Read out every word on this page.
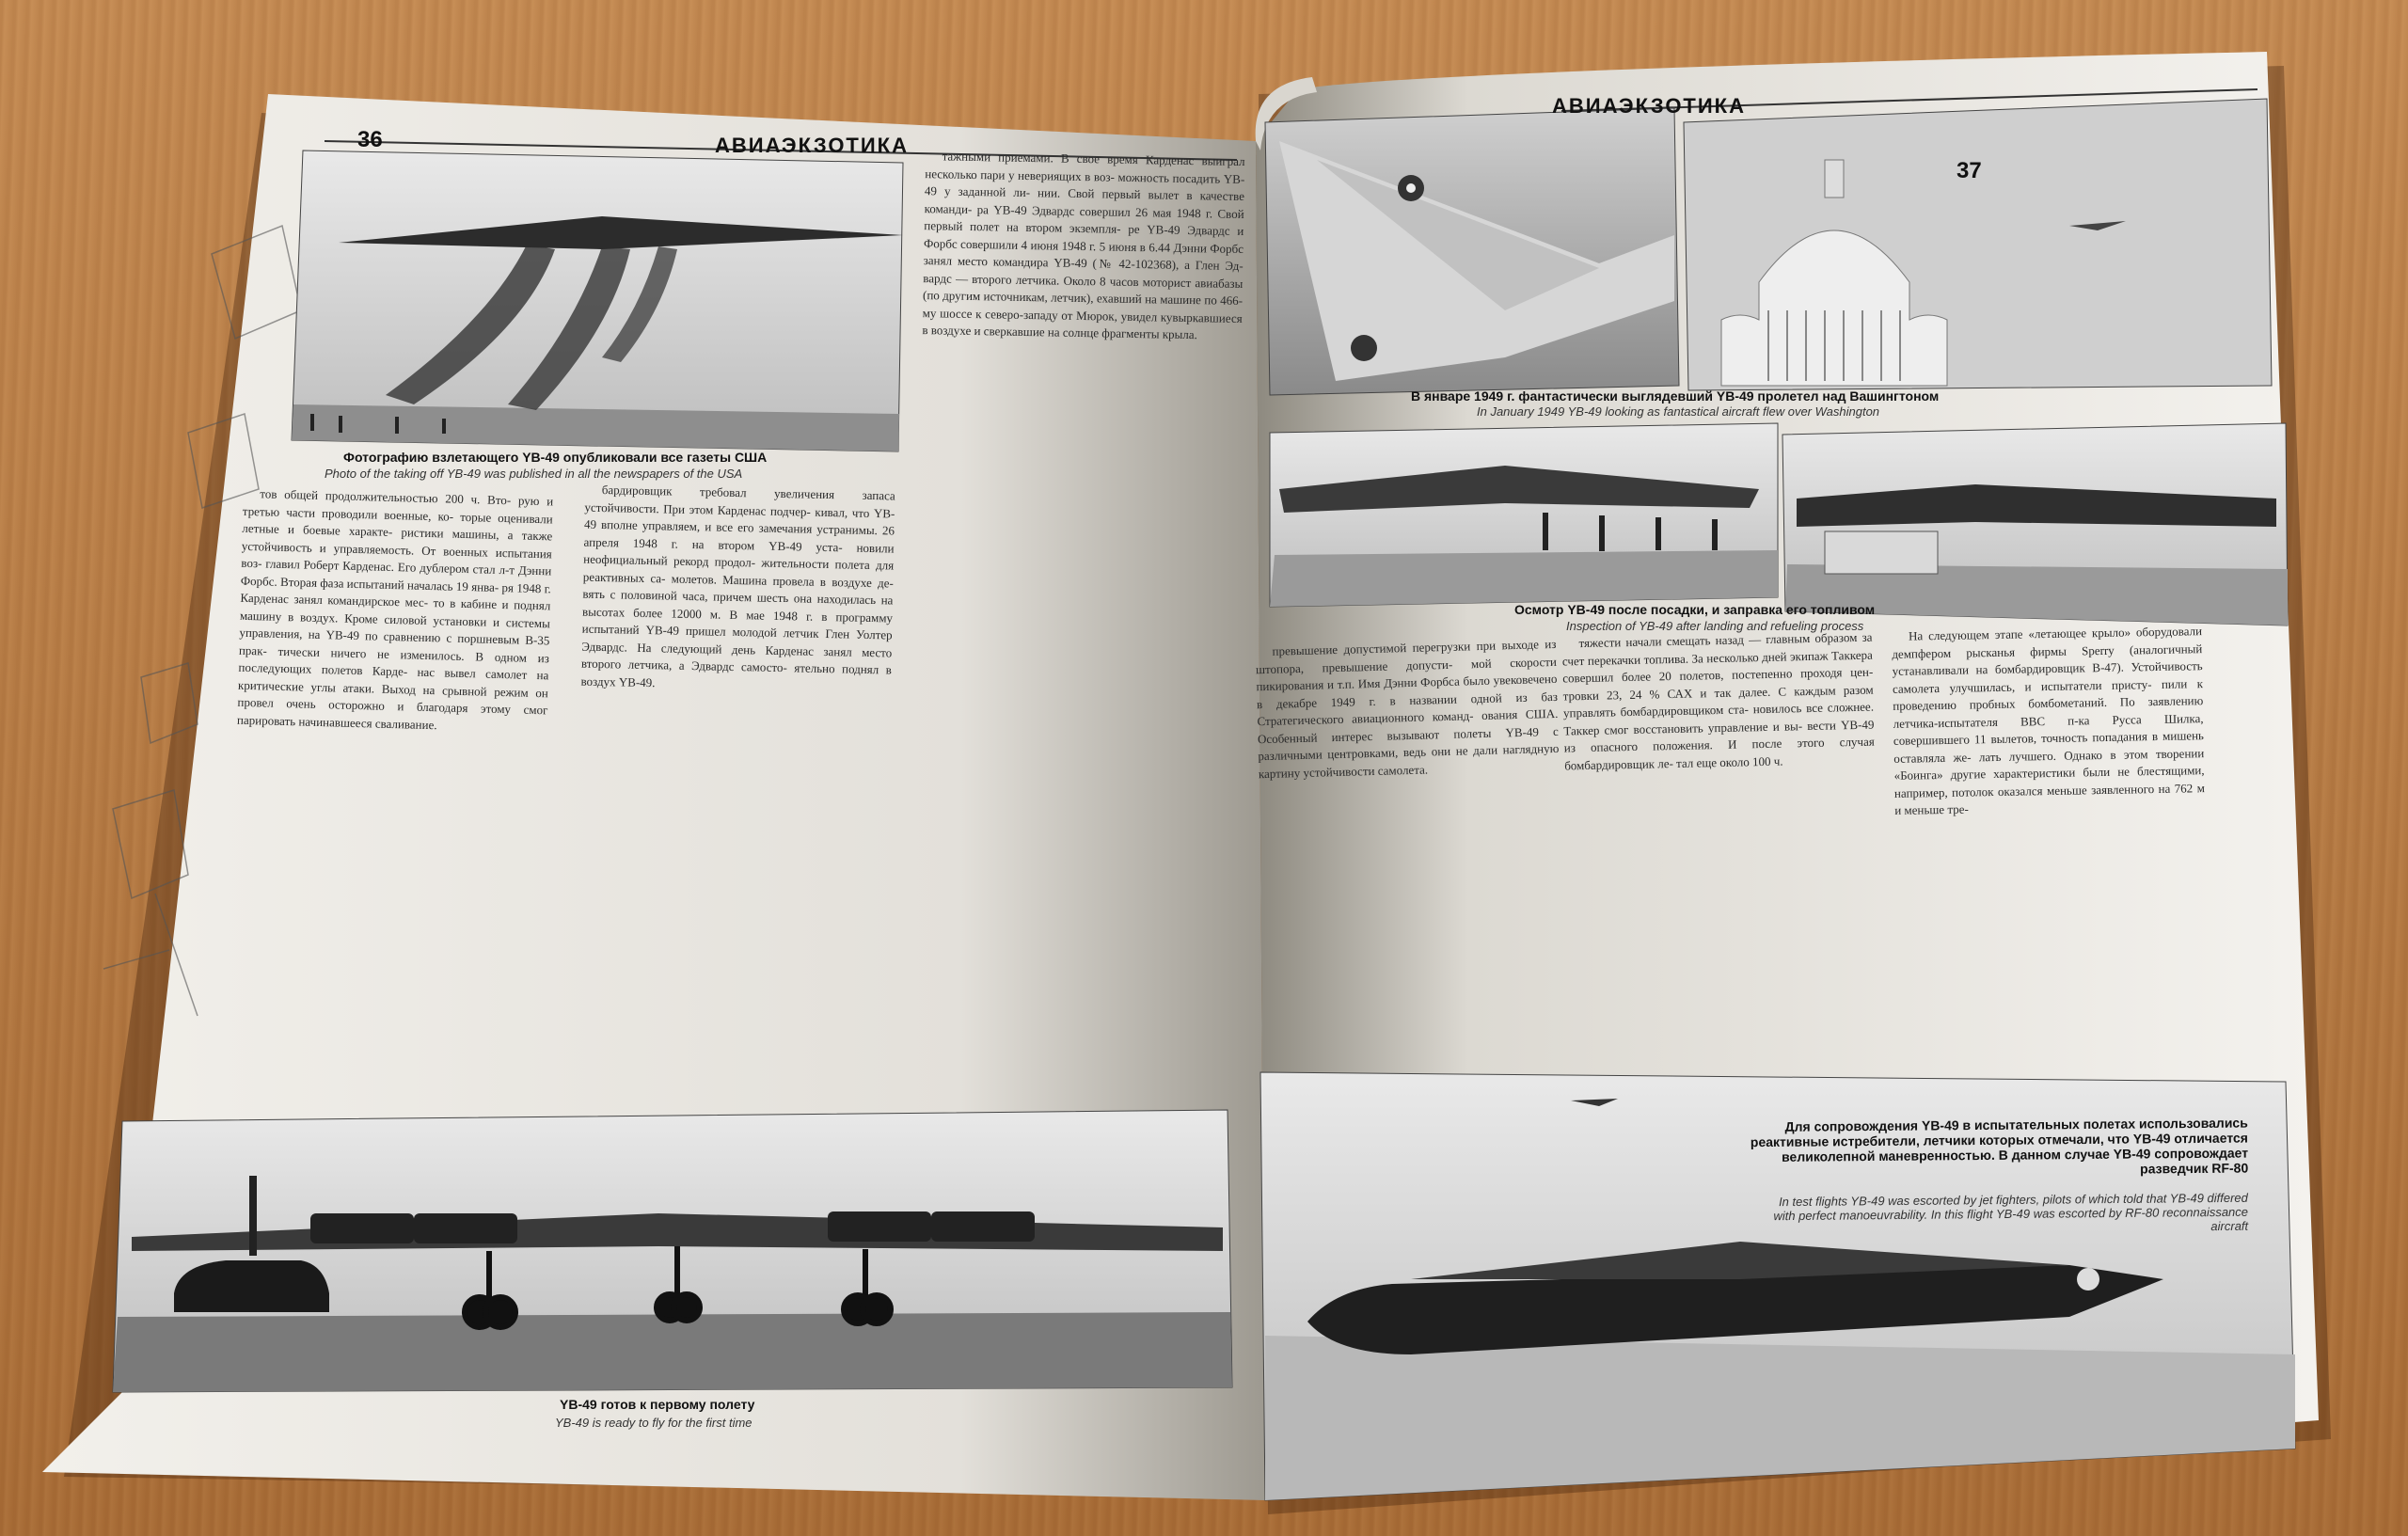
36	АВИАЭКЗОТИКА
Фотографию взлетающего YB-49 опубликовали все газеты США
Photo of the taking off YB-49 was published in all the newspapers of the USA

тов общей продолжительностью 200 ч. Вто- рую и третью части проводили военные, ко- торые оценивали летные и боевые характе- ристики машины, а также устойчивость и управляемость. От военных испытания воз- главил Роберт Карденас. Его дублером стал л-т Дэнни Форбс. Вторая фаза испытаний началась 19 янва- ря 1948 г. Карденас занял командирское мес- то в кабине и поднял машину в воздух. Кроме силовой установки и системы управления, на YB-49 по сравнению с поршневым В-35 прак- тически ничего не изменилось. В одном из последующих полетов Карде- нас вывел самолет на критические углы атаки. Выход на срывной режим он провел очень осторожно и благодаря этому смог парировать начинавшееся сваливание.

бардировщик требовал увеличения запаса устойчивости. При этом Карденас подчер- кивал, что YB-49 вполне управляем, и все его замечания устранимы. 26 апреля 1948 г. на втором YB-49 уста- новили неофициальный рекорд продол- жительности полета для реактивных са- молетов. Машина провела в воздухе де- вять с половиной часа, причем шесть она находилась на высотах более 12000 м. В мае 1948 г. в программу испытаний YB-49 пришел молодой летчик Глен Уолтер Эдвардс. На следующий день Карденас занял место второго летчика, а Эдвардс самосто- ятельно поднял в воздух YB-49.

тажными приемами. В свое время Карденас выиграл несколько пари у невериящих в воз- можность посадить YB-49 у заданной ли- нии. Свой первый вылет в качестве команди- ра YB-49 Эдвардс совершил 26 мая 1948 г. Свой первый полет на втором экземпля- ре YB-49 Эдвардс и Форбс совершили 4 июня 1948 г. 5 июня в 6.44 Дэнни Форбс занял место командира YB-49 (№ 42-102368), а Глен Эд- вардс — второго летчика. Около 8 часов моторист авиабазы (по другим источникам, летчик), ехавший на машине по 466-му шоссе к северо-западу от Мюрок, увидел кувыркавшиеся в воздухе и сверкавшие на солнце фрагменты крыла.

YB-49 готов к первому полету
YB-49 is ready to fly for the first time
АВИАЭКЗОТИКА
37
В январе 1949 г. фантастически выглядевший YB-49 пролетел над Вашингтоном
In January 1949 YB-49 looking as fantastical aircraft flew over Washington
Осмотр YB-49 после посадки, и заправка его топливом
Inspection of YB-49 after landing and refueling process

превышение допустимой перегрузки при выходе из штопора, превышение допусти- мой скорости пикирования и т.п. Имя Дэнни Форбса было увековечено в декабре 1949 г. в названии одной из баз Стратегического авиационного команд- ования США. Особенный интерес вызывают полеты YB-49 с различными центровками, ведь они не дали наглядную картину устойчивости самолета.

тяжести начали смещать назад — главным образом за счет перекачки топлива. За несколько дней экипаж Таккера совершил более 20 полетов, постепенно проходя цен- тровки 23, 24 % САХ и так далее. С каждым разом управлять бомбардировщиком ста- новилось все сложнее. Таккер смог восстановить управление и вы- вести YB-49 из опасного положения. И после этого случая бомбардировщик ле- тал еще около 100 ч.

На следующем этапе «летающее крыло» оборудовали демпфером рысканья фирмы Sperry (аналогичный устанавливали на бомбардировщик B-47). Устойчивость самолета улучшилась, и испытатели присту- пили к проведению пробных бомбометаний. По заявлению летчика-испытателя ВВС п-ка Русса Шилка, совершившего 11 вылетов, точность попадания в мишень оставляла же- лать лучшего. Однако в этом творении «Боинга» другие характеристики были не блестящими, например, потолок оказался меньше заявленного на 762 м и меньше тре-

Для сопровождения YB-49 в испытательных полетах использовались реактивные истребители, летчики которых отмечали, что YB-49 отличается великолепной маневренностью. В данном случае YB-49 сопровождает разведчик RF-80
In test flights YB-49 was escorted by jet fighters, pilots of which told that YB-49 differed with perfect manoeuvrability. In this flight YB-49 was escorted by RF-80 reconnaissance aircraft
